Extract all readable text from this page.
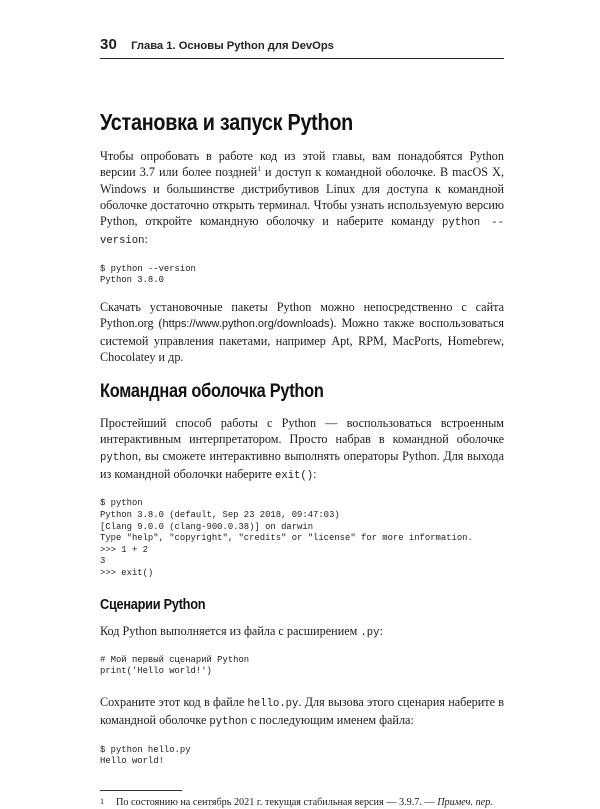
30 Глава 1. Основы Python для DevOps
Установка и запуск Python

Чтобы опробовать в работе код из этой главы, вам понадобятся Python версии 3.7 или более поздней$^1$ и доступ к командной оболочке. В macOS X, Windows и большинстве дистрибутивов Linux для доступа к командной оболочке достаточно открыть терминал. Чтобы узнать используемую версию Python, откройте командную оболочку и наберите команду python --version:

$ python --version
Python 3.8.0

Скачать установочные пакеты Python можно непосредственно с сайта Python.org (https://www.python.org/downloads). Можно также воспользоваться системой управления пакетами, например Apt, RPM, MacPorts, Homebrew, Chocolatey и др.

Командная оболочка Python

Простейший способ работы с Python — воспользоваться встроенным интерактивным интерпретатором. Просто набрав в командной оболочке python, вы сможете интерактивно выполнять операторы Python. Для выхода из командной оболочки наберите exit():

$ python
Python 3.8.0 (default, Sep 23 2018, 09:47:03)
[Clang 9.0.0 (clang-900.0.38)] on darwin
Type "help", "copyright", "credits" or "license" for more information.
>>> 1 + 2
3
>>> exit()
Сценарии Python

Код Python выполняется из файла с расширением .py:

# Мой первый сценарий Python
print('Hello world!')

Сохраните этот код в файле hello.py. Для вызова этого сценария наберите в командной оболочке python с последующим именем файла:

$ python hello.py
Hello world!
1 По состоянию на сентябрь 2021 г. текущая стабильная версия — 3.9.7. — Примеч. пер.
